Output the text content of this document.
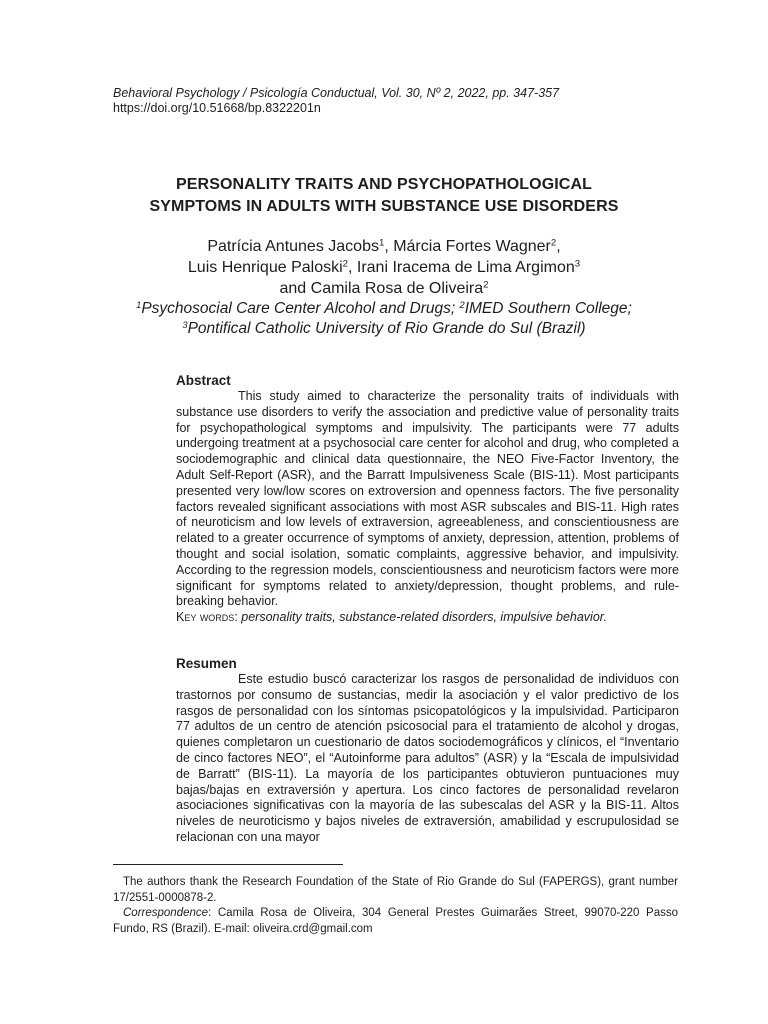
Behavioral Psychology / Psicología Conductual, Vol. 30, Nº 2, 2022, pp. 347-357

https://doi.org/10.51668/bp.8322201n

PERSONALITY TRAITS AND PSYCHOPATHOLOGICAL
SYMPTOMS IN ADULTS WITH SUBSTANCE USE DISORDERS
Patrícia Antunes Jacobs$^1$, Márcia Fortes Wagner$^2$,
Luis Henrique Paloski$^2$, Irani Iracema de Lima Argimon$^3$
and Camila Rosa de Oliveira$^2$
$^1$Psychosocial Care Center Alcohol and Drugs; $^2$IMED Southern College;
$^3$Pontifical Catholic University of Rio Grande do Sul (Brazil)
Abstract

This study aimed to characterize the personality traits of individuals with substance use disorders to verify the association and predictive value of personality traits for psychopathological symptoms and impulsivity. The participants were 77 adults undergoing treatment at a psychosocial care center for alcohol and drug, who completed a sociodemographic and clinical data questionnaire, the NEO Five-Factor Inventory, the Adult Self-Report (ASR), and the Barratt Impulsiveness Scale (BIS-11). Most participants presented very low/low scores on extroversion and openness factors. The five personality factors revealed significant associations with most ASR subscales and BIS-11. High rates of neuroticism and low levels of extraversion, agreeableness, and conscientiousness are related to a greater occurrence of symptoms of anxiety, depression, attention, problems of thought and social isolation, somatic complaints, aggressive behavior, and impulsivity. According to the regression models, conscientiousness and neuroticism factors were more significant for symptoms related to anxiety/depression, thought problems, and rule-breaking behavior.
Key words: personality traits, substance-related disorders, impulsive behavior.

Resumen

Este estudio buscó caracterizar los rasgos de personalidad de individuos con trastornos por consumo de sustancias, medir la asociación y el valor predictivo de los rasgos de personalidad con los síntomas psicopatológicos y la impulsividad. Participaron 77 adultos de un centro de atención psicosocial para el tratamiento de alcohol y drogas, quienes completaron un cuestionario de datos sociodemográficos y clínicos, el “Inventario de cinco factores NEO”, el “Autoinforme para adultos” (ASR) y la “Escala de impulsividad de Barratt” (BIS-11). La mayoría de los participantes obtuvieron puntuaciones muy bajas/bajas en extraversión y apertura. Los cinco factores de personalidad revelaron asociaciones significativas con la mayoría de las subescalas del ASR y la BIS-11. Altos niveles de neuroticismo y bajos niveles de extraversión, amabilidad y escrupulosidad se relacionan con una mayor

The authors thank the Research Foundation of the State of Rio Grande do Sul (FAPERGS), grant number 17/2551-0000878-2.

Correspondence: Camila Rosa de Oliveira, 304 General Prestes Guimarães Street, 99070-220 Passo Fundo, RS (Brazil). E-mail: oliveira.crd@gmail.com
